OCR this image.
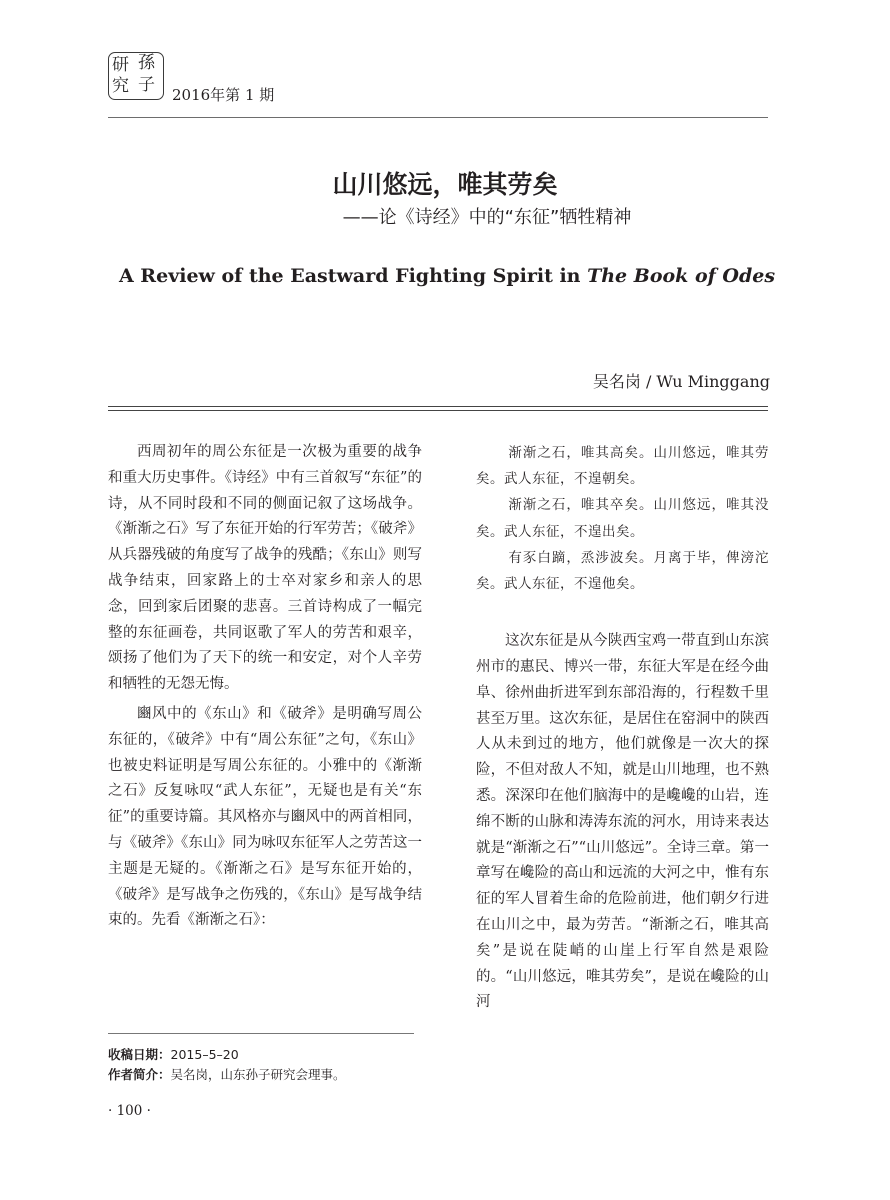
研 孫
究 子 2016年第 1 期
山川悠远，唯其劳矣
——论《诗经》中的“东征”牺牲精神
A Review of the Eastward Fighting Spirit in The Book of Odes
吴名岗 / Wu Minggang

西周初年的周公东征是一次极为重要的战争和重大历史事件。《诗经》中有三首叙写“东征”的诗，从不同时段和不同的侧面记叙了这场战争。《渐渐之石》写了东征开始的行军劳苦；《破斧》从兵器残破的角度写了战争的残酷；《东山》则写战争结束，回家路上的士卒对家乡和亲人的思念，回到家后团聚的悲喜。三首诗构成了一幅完整的东征画卷，共同讴歌了军人的劳苦和艰辛，颂扬了他们为了天下的统一和安定，对个人辛劳和牺牲的无怨无悔。

豳风中的《东山》和《破斧》是明确写周公东征的，《破斧》中有“周公东征”之句，《东山》也被史料证明是写周公东征的。小雅中的《渐渐之石》反复咏叹“武人东征”，无疑也是有关“东征”的重要诗篇。其风格亦与豳风中的两首相同，与《破斧》《东山》同为咏叹东征军人之劳苦这一主题是无疑的。《渐渐之石》是写东征开始的，《破斧》是写战争之伤残的，《东山》是写战争结束的。先看《渐渐之石》：

渐渐之石，唯其高矣。山川悠远，唯其劳矣。武人东征，不遑朝矣。

渐渐之石，唯其卒矣。山川悠远，唯其没矣。武人东征，不遑出矣。

有豕白蹢，烝涉波矣。月离于毕，俾滂沱矣。武人东征，不遑他矣。

这次东征是从今陕西宝鸡一带直到山东滨州市的惠民、博兴一带，东征大军是在经今曲阜、徐州曲折进军到东部沿海的，行程数千里甚至万里。这次东征，是居住在窑洞中的陕西人从未到过的地方，他们就像是一次大的探险，不但对敌人不知，就是山川地理，也不熟悉。深深印在他们脑海中的是巉巉的山岩，连绵不断的山脉和涛涛东流的河水，用诗来表达就是“渐渐之石”“山川悠远”。全诗三章。第一章写在巉险的高山和远流的大河之中，惟有东征的军人冒着生命的危险前进，他们朝夕行进在山川之中，最为劳苦。“渐渐之石，唯其高矣”是说在陡峭的山崖上行军自然是艰险的。“山川悠远，唯其劳矣”，是说在巉险的山河

收稿日期：2015–5–20
作者简介：吴名岗，山东孙子研究会理事。
· 100 ·
